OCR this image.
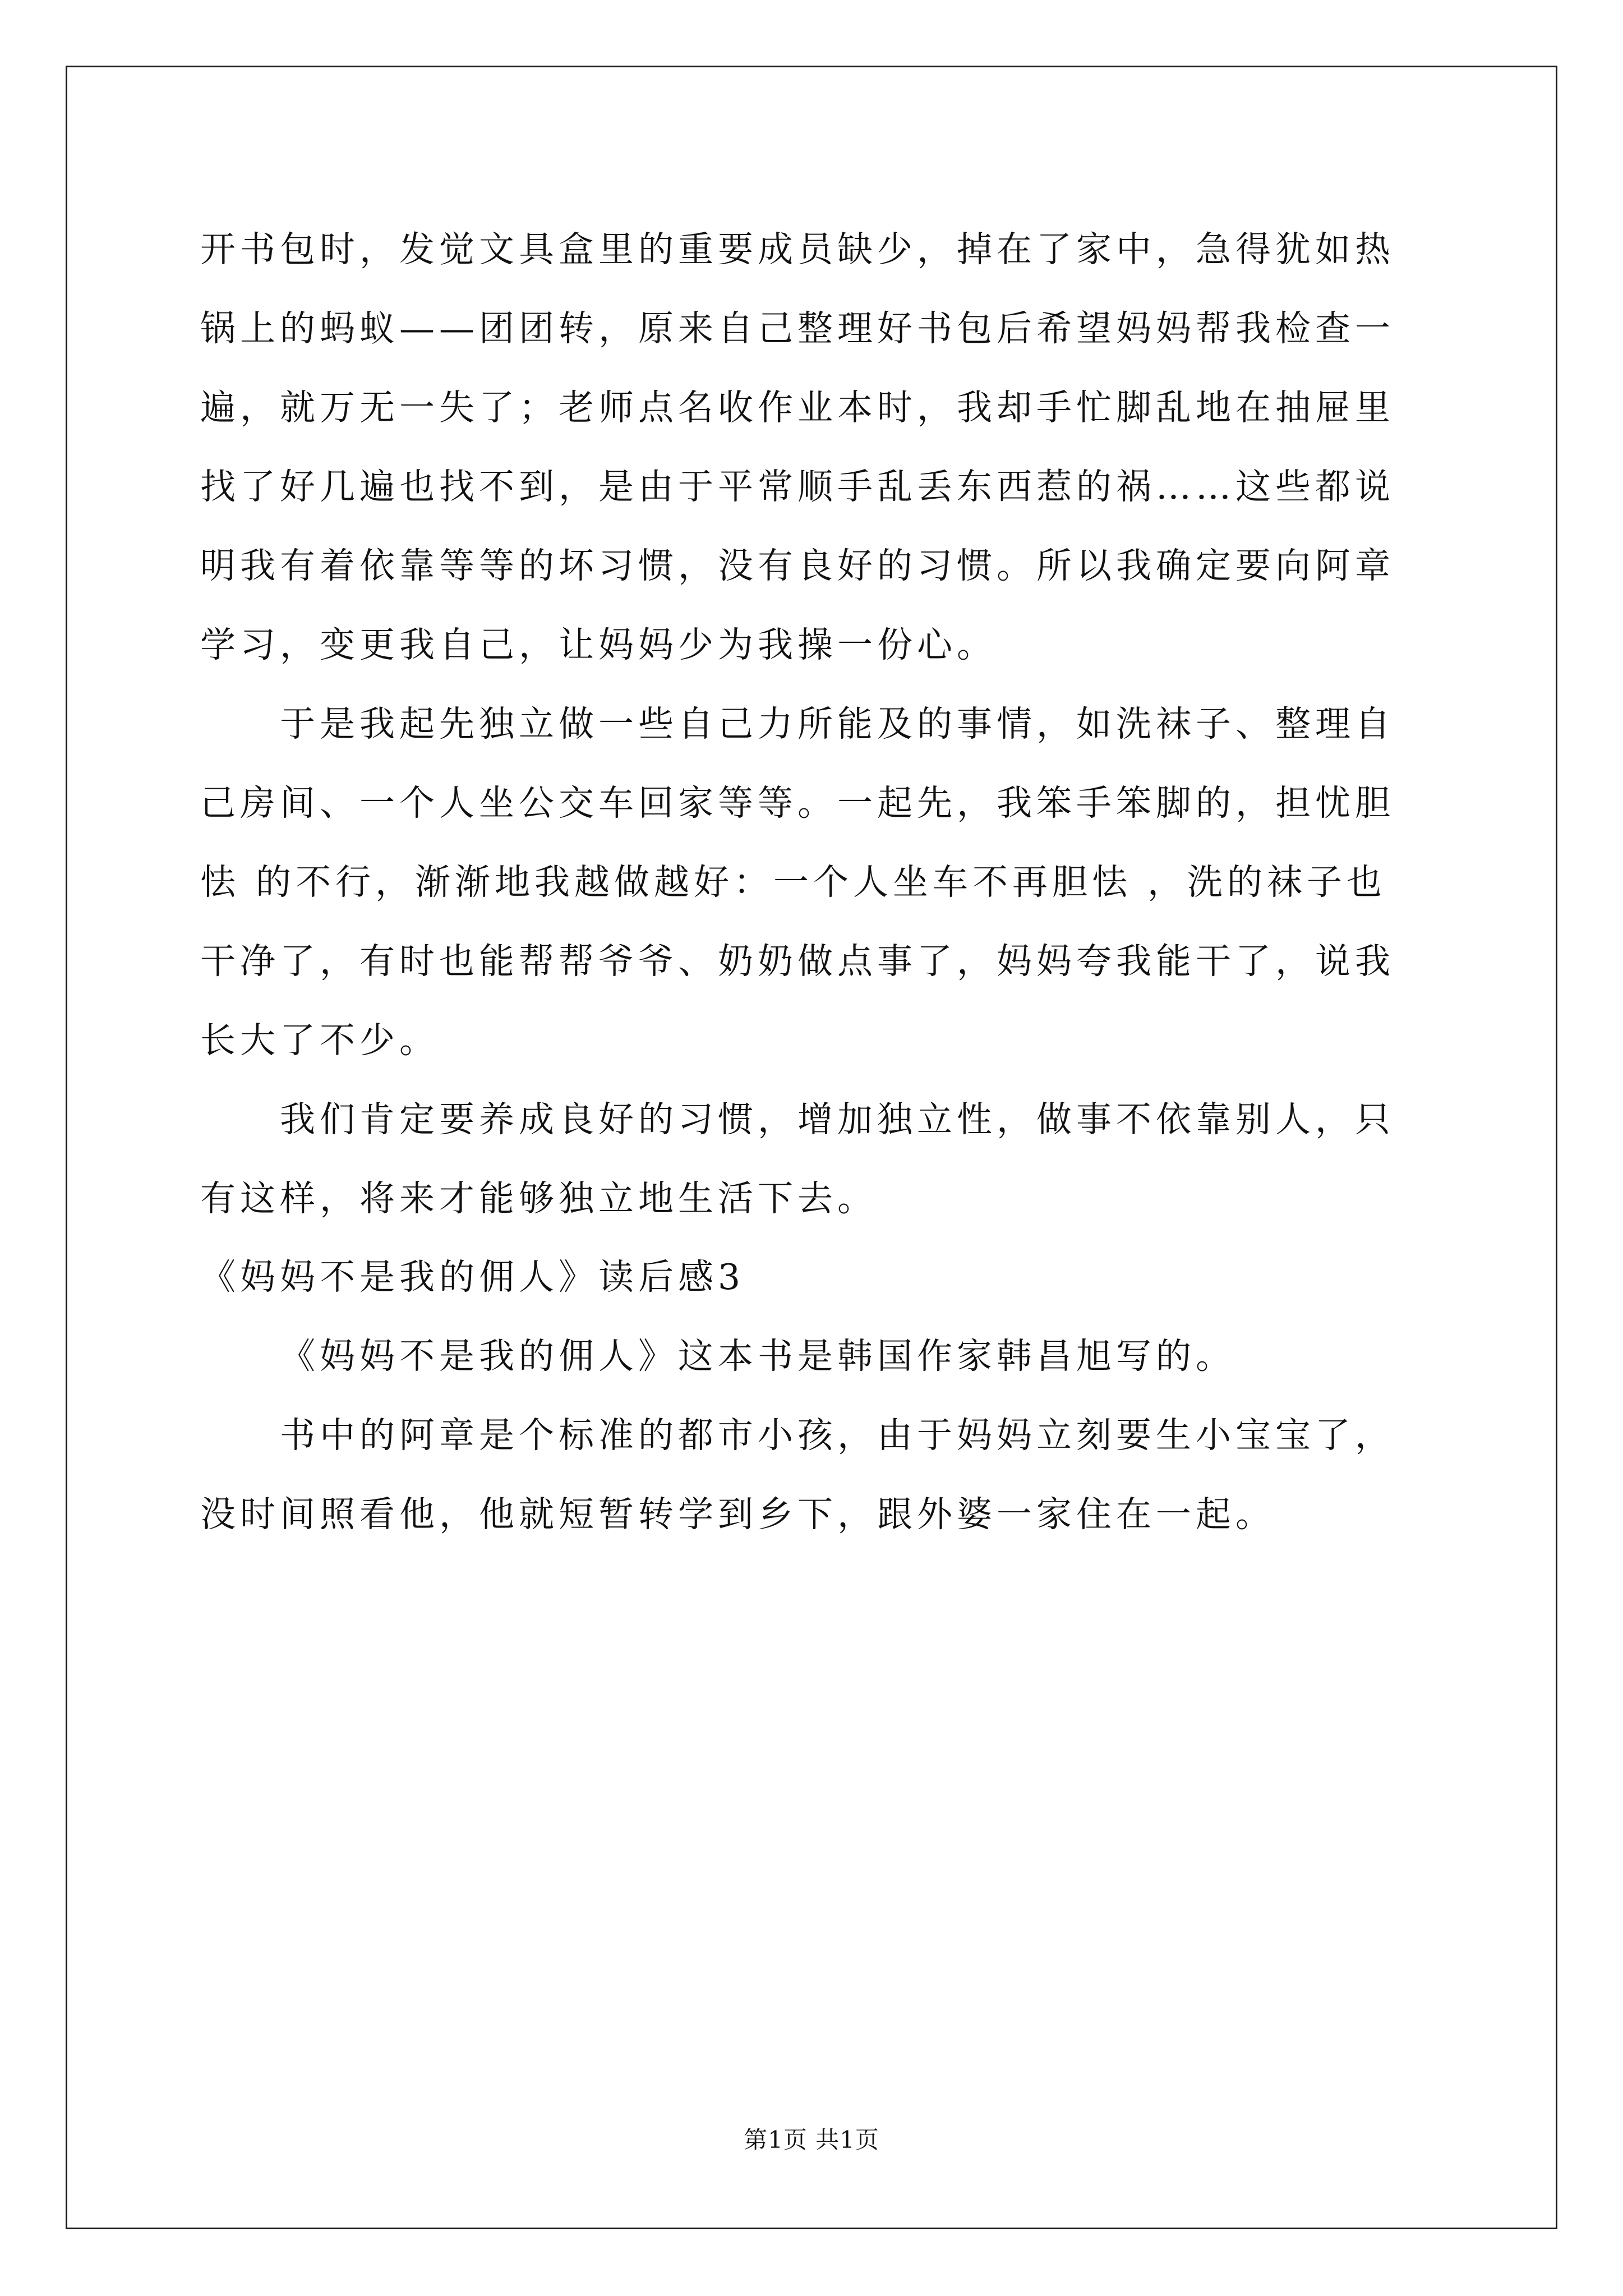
开书包时，发觉文具盒里的重要成员缺少，掉在了家中，急得犹如热
锅上的蚂蚁——团团转，原来自己整理好书包后希望妈妈帮我检查一
遍，就万无一失了；老师点名收作业本时，我却手忙脚乱地在抽屉里
找了好几遍也找不到，是由于平常顺手乱丢东西惹的祸……这些都说
明我有着依靠等等的坏习惯，没有良好的习惯。所以我确定要向阿章
学习，变更我自己，让妈妈少为我操一份心。
于是我起先独立做一些自己力所能及的事情，如洗袜子、整理自
己房间、一个人坐公交车回家等等。一起先，我笨手笨脚的，担忧胆
怯 的不行，渐渐地我越做越好：一个人坐车不再胆怯 ，洗的袜子也
干净了，有时也能帮帮爷爷、奶奶做点事了，妈妈夸我能干了，说我
长大了不少。
我们肯定要养成良好的习惯，增加独立性，做事不依靠别人，只
有这样，将来才能够独立地生活下去。
《妈妈不是我的佣人》读后感3
《妈妈不是我的佣人》这本书是韩国作家韩昌旭写的。
书中的阿章是个标准的都市小孩，由于妈妈立刻要生小宝宝了，
没时间照看他，他就短暂转学到乡下，跟外婆一家住在一起。
第1页 共1页
